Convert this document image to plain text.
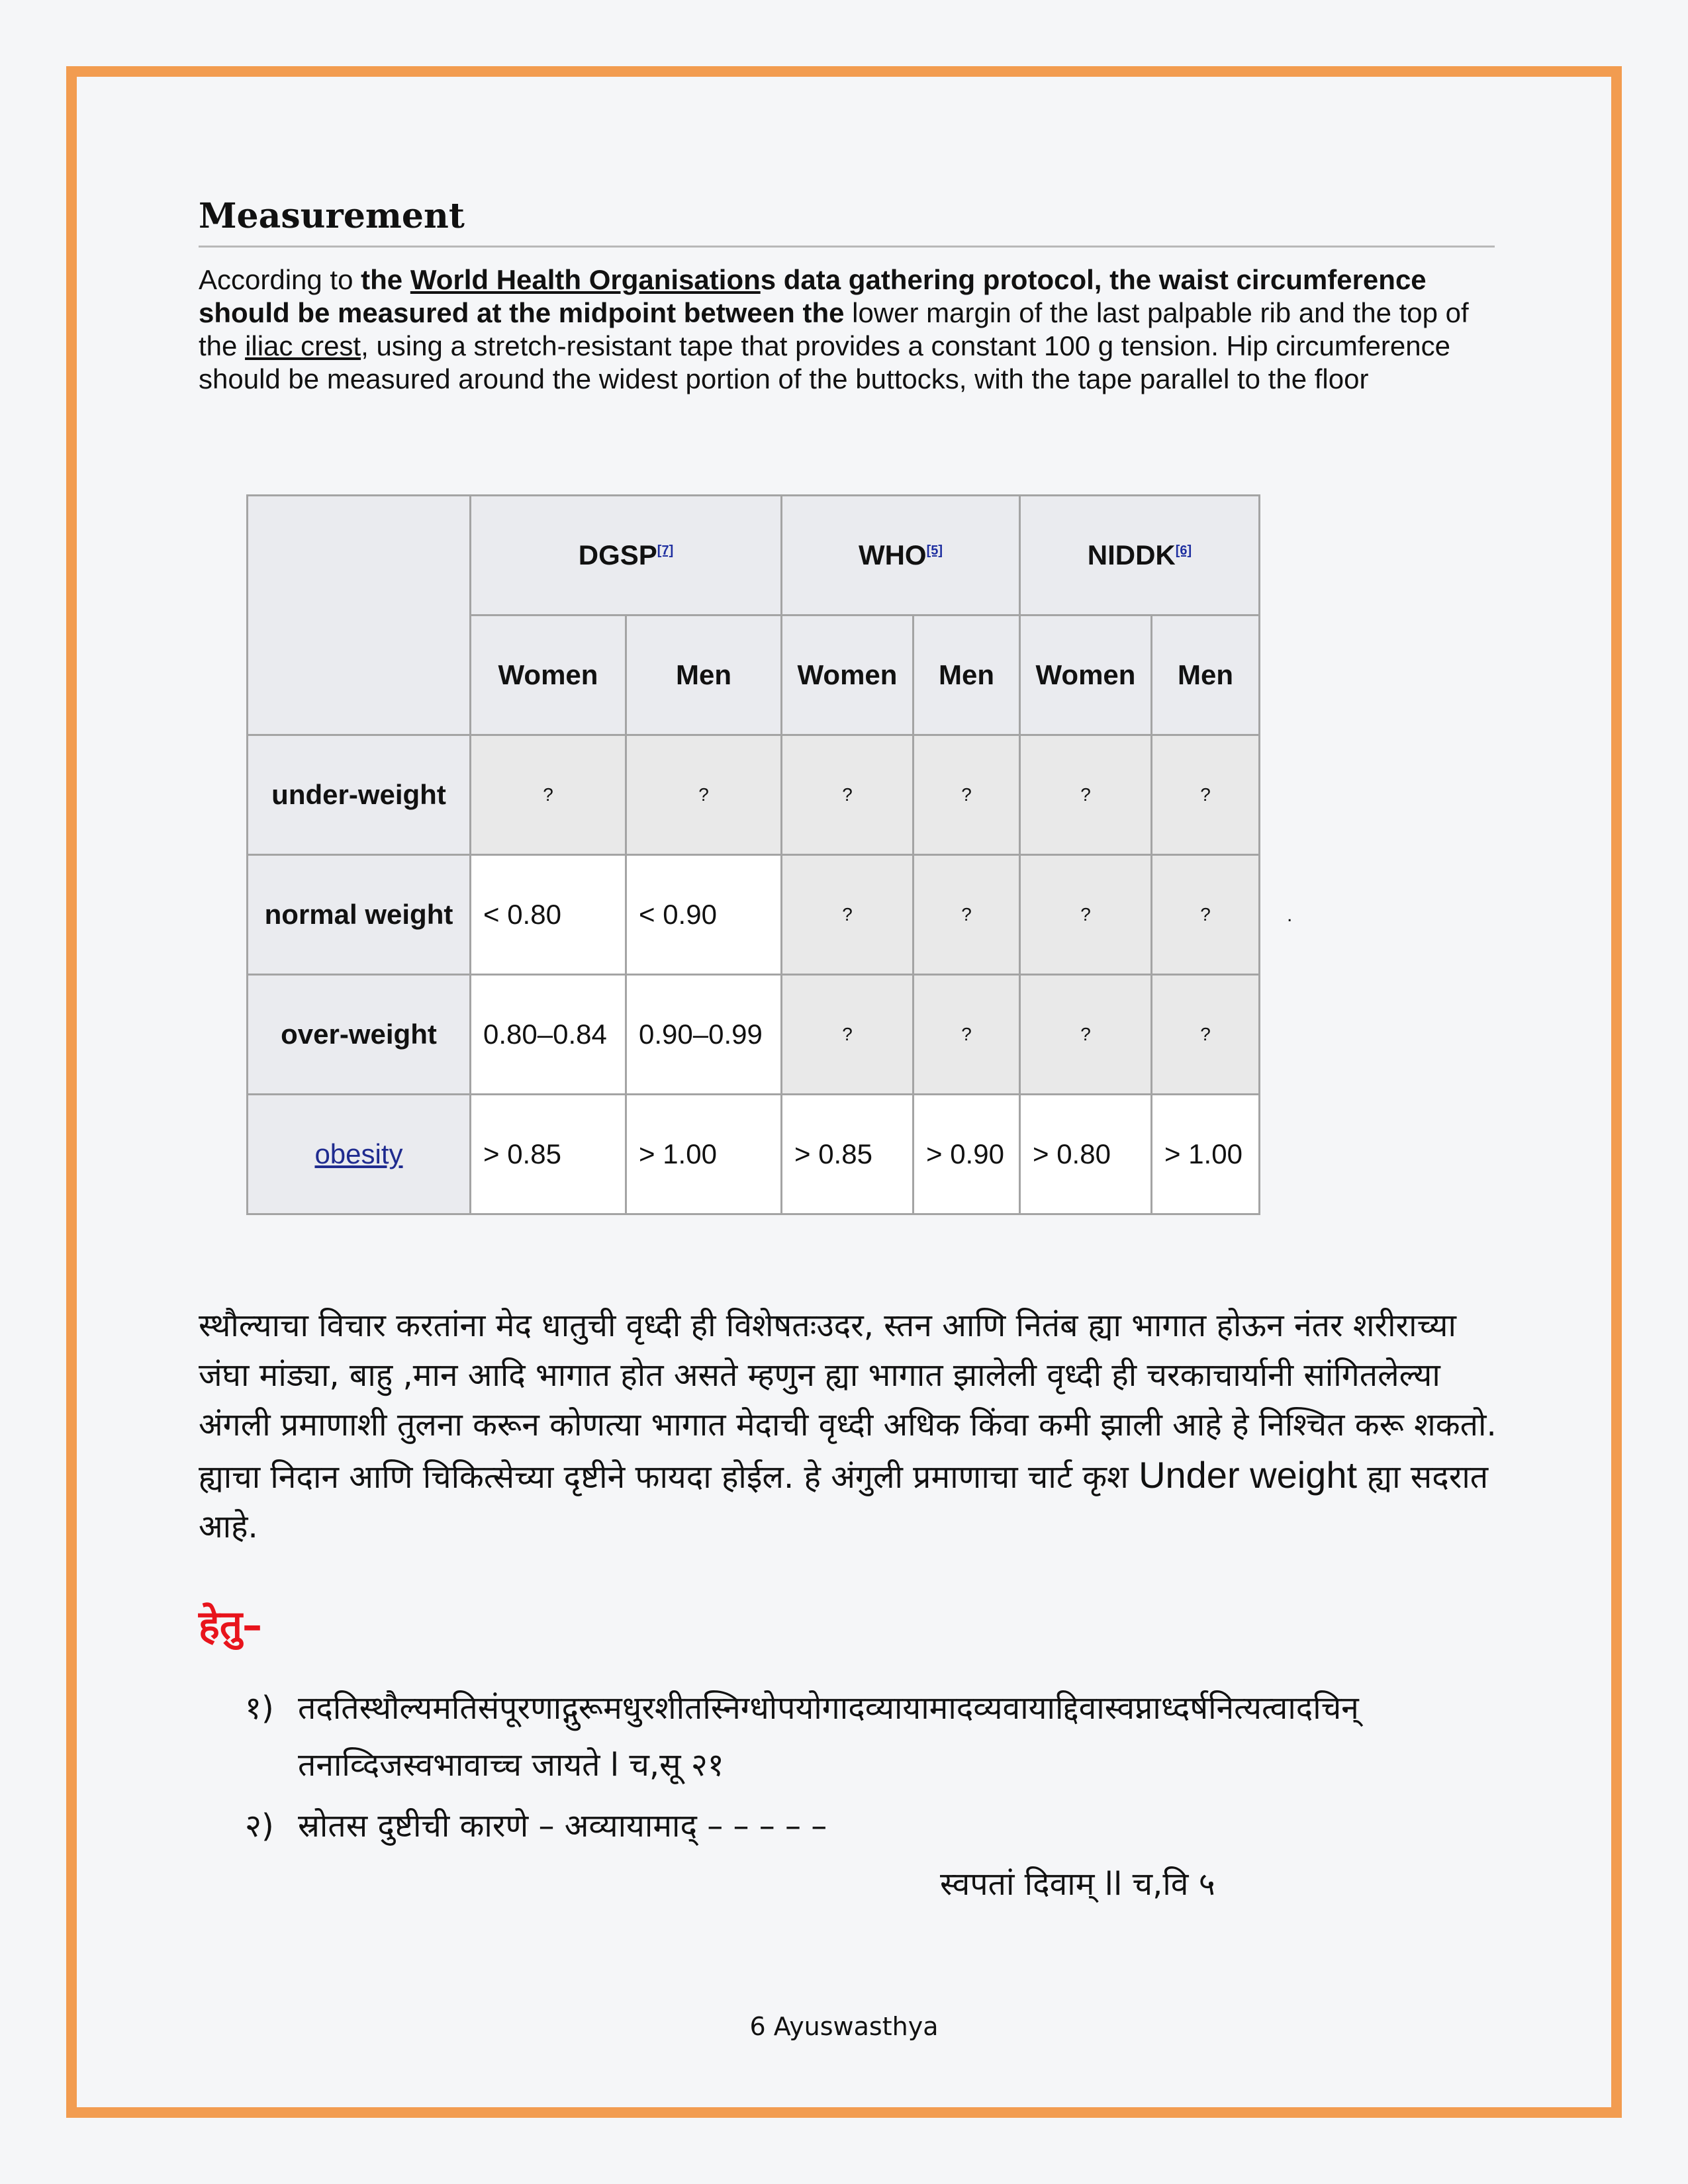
Measurement
According to the World Health Organisations data gathering protocol, the waist circumference should be measured at the midpoint between the lower margin of the last palpable rib and the top of the iliac crest, using a stretch-resistant tape that provides a constant 100 g tension. Hip circumference should be measured around the widest portion of the buttocks, with the tape parallel to the floor
	DGSP[7]		WHO[5]		NIDDK[6]
	Women	Men	Women	Men	Women	Men
under-weight	?	?	?	?	?	?
normal weight	< 0.80	< 0.90	?	?	?	?
over-weight	0.80–0.84	0.90–0.99	?	?	?	?
obesity	> 0.85	> 1.00	> 0.85	> 0.90	> 0.80	> 1.00
.
स्थौल्याचा विचार करतांना मेद धातुची वृध्दी ही विशेषतःउदर, स्तन आणि नितंब ह्या भागात होऊन नंतर शरीराच्या जंघा मांड्या, बाहु ,मान आदि भागात होत असते म्हणुन ह्या भागात झालेली वृध्दी ही चरकाचार्यानी सांगितलेल्या अंगली प्रमाणाशी तुलना करून कोणत्या भागात मेदाची वृध्दी अधिक किंवा कमी झाली आहे हे निश्चित करू शकतो. ह्याचा निदान आणि चिकित्सेच्या दृष्टीने फायदा होईल. हे अंगुली प्रमाणाचा चार्ट कृश Under weight ह्या सदरात आहे.
हेतु–
१) तदतिस्थौल्यमतिसंपूरणाद्गुरूमधुरशीतस्निग्धोपयोगादव्यायामादव्यवायाद्दिवास्वप्नाध्दर्षनित्यत्वादचिन्
तनाव्दिजस्वभावाच्च जायते l च,सू २१
२) स्रोतस दुष्टीची कारणे – अव्यायामाद् – – – – –
स्वपतां दिवाम् ll च,वि ५
6 Ayuswasthya
